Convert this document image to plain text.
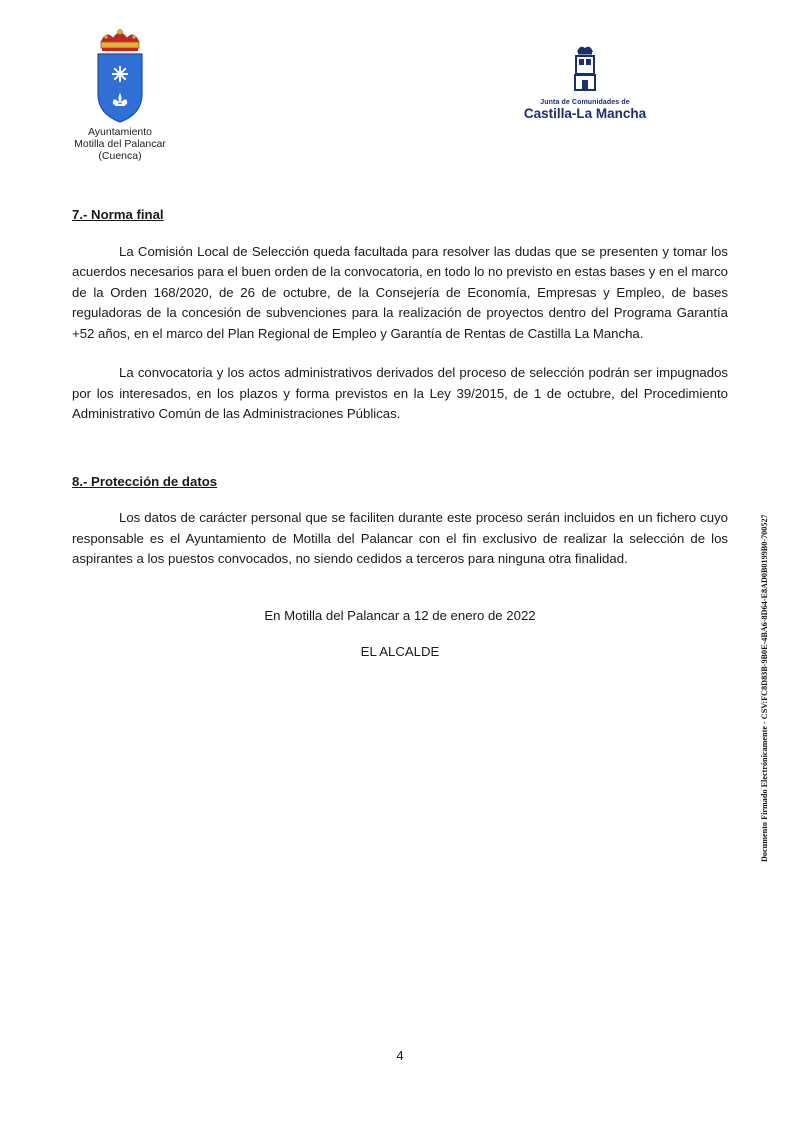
Ayuntamiento
Motilla del Palancar
(Cuenca)
Junta de Comunidades de
Castilla-La Mancha
7.- Norma final

La Comisión Local de Selección queda facultada para resolver las dudas que se presenten y tomar los acuerdos necesarios para el buen orden de la convocatoria, en todo lo no previsto en estas bases y en el marco de la Orden 168/2020, de 26 de octubre, de la Consejería de Economía, Empresas y Empleo, de bases reguladoras de la concesión de subvenciones para la realización de proyectos dentro del Programa Garantía +52 años, en el marco del Plan Regional de Empleo y Garantía de Rentas de Castilla La Mancha.

La convocatoria y los actos administrativos derivados del proceso de selección podrán ser impugnados por los interesados, en los plazos y forma previstos en la Ley 39/2015, de 1 de octubre, del Procedimiento Administrativo Común de las Administraciones Públicas.

8.- Protección de datos

Los datos de carácter personal que se faciliten durante este proceso serán incluidos en un fichero cuyo responsable es el Ayuntamiento de Motilla del Palancar con el fin exclusivo de realizar la selección de los aspirantes a los puestos convocados, no siendo cedidos a terceros para ninguna otra finalidad.

En Motilla del Palancar a 12 de enero de 2022
EL ALCALDE	Documento Firmado Electrónicamente - CSV:FC8D83B-9B0E-4BA6-8D64-E8AD0B0199B0-700527
4
